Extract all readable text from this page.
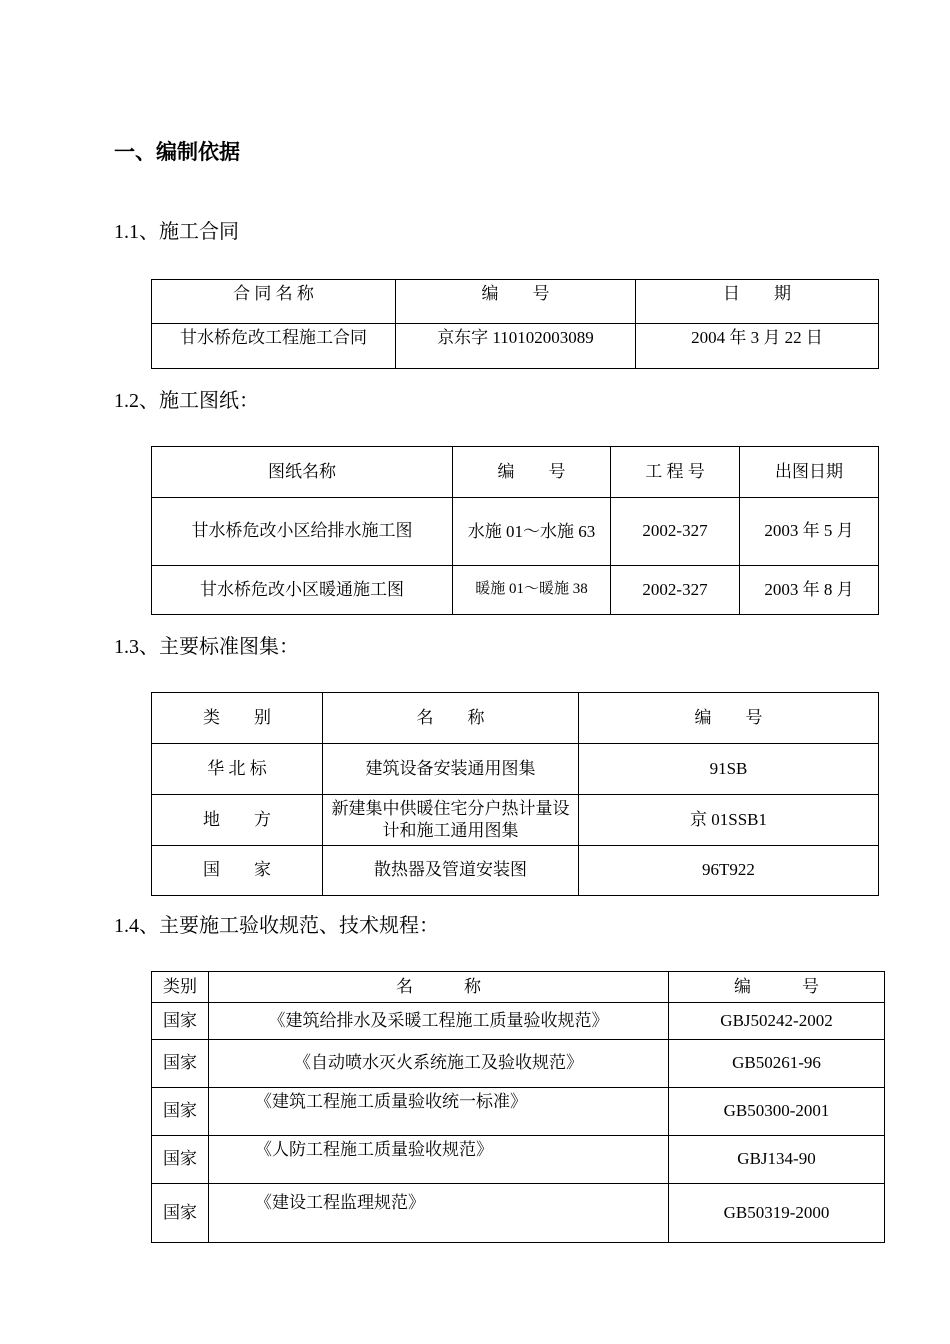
一、编制依据
1.1、施工合同
合 同 名 称	编　　号	日　　期
甘水桥危改工程施工合同	京东字 110102003089	2004 年 3 月 22 日
1.2、施工图纸：
图纸名称	编　　号	工 程 号	出图日期
甘水桥危改小区给排水施工图	水施 01～水施 63	2002-327	2003 年 5 月
甘水桥危改小区暖通施工图	暖施 01～暖施 38	2002-327	2003 年 8 月
1.3、主要标准图集：
类　　别	名　　称	编　　号
华 北 标	建筑设备安装通用图集	91SB
地　　方	新建集中供暖住宅分户热计量设计和施工通用图集	京 01SSB1
国　　家	散热器及管道安装图	96T922
1.4、主要施工验收规范、技术规程：
类别	名　　　称	编　　　号
国家	《建筑给排水及采暖工程施工质量验收规范》	GBJ50242-2002
国家	《自动喷水灭火系统施工及验收规范》	GB50261-96
国家	《建筑工程施工质量验收统一标准》	GB50300-2001
国家	《人防工程施工质量验收规范》	GBJ134-90
国家	《建设工程监理规范》	GB50319-2000
